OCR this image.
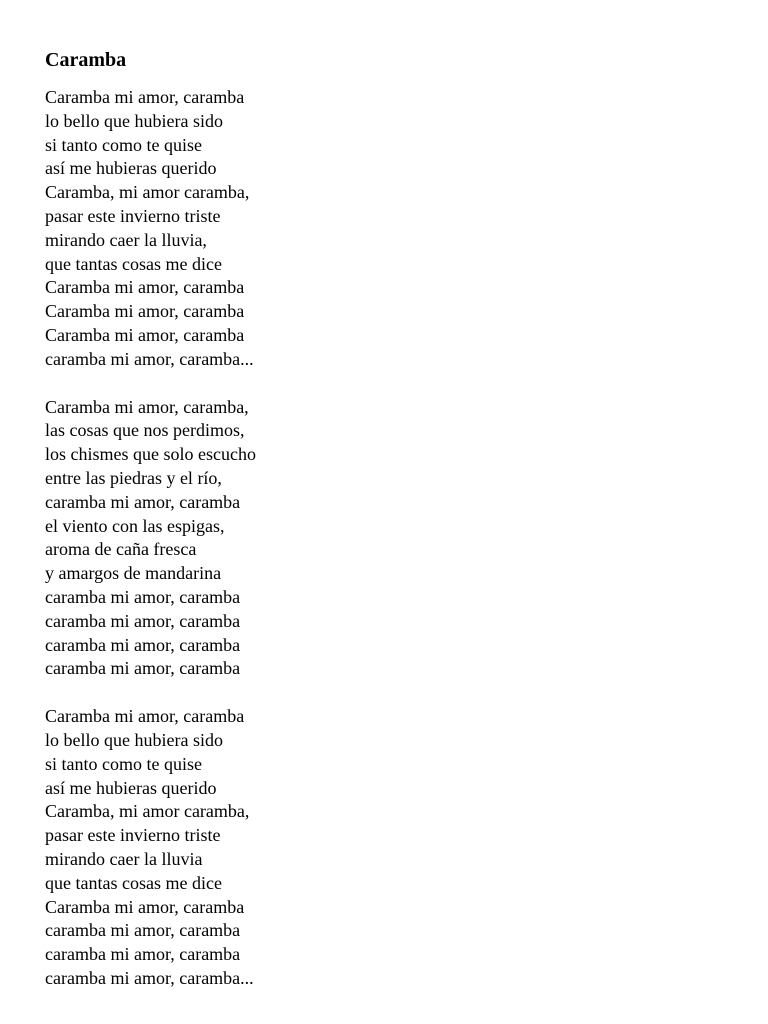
Caramba
Caramba mi amor, caramba
lo bello que hubiera sido
si tanto como te quise
así me hubieras querido
Caramba, mi amor caramba,
pasar este invierno triste
mirando caer la lluvia,
que tantas cosas me dice
Caramba mi amor, caramba
Caramba mi amor, caramba
Caramba mi amor, caramba
caramba mi amor, caramba...
Caramba mi amor, caramba,
las cosas que nos perdimos,
los chismes que solo escucho
entre las piedras y el río,
caramba mi amor, caramba
el viento con las espigas,
aroma de caña fresca
y amargos de mandarina
caramba mi amor, caramba
caramba mi amor, caramba
caramba mi amor, caramba
caramba mi amor, caramba
Caramba mi amor, caramba
lo bello que hubiera sido
si tanto como te quise
así me hubieras querido
Caramba, mi amor caramba,
pasar este invierno triste
mirando caer la lluvia
que tantas cosas me dice
Caramba mi amor, caramba
caramba mi amor, caramba
caramba mi amor, caramba
caramba mi amor, caramba...
